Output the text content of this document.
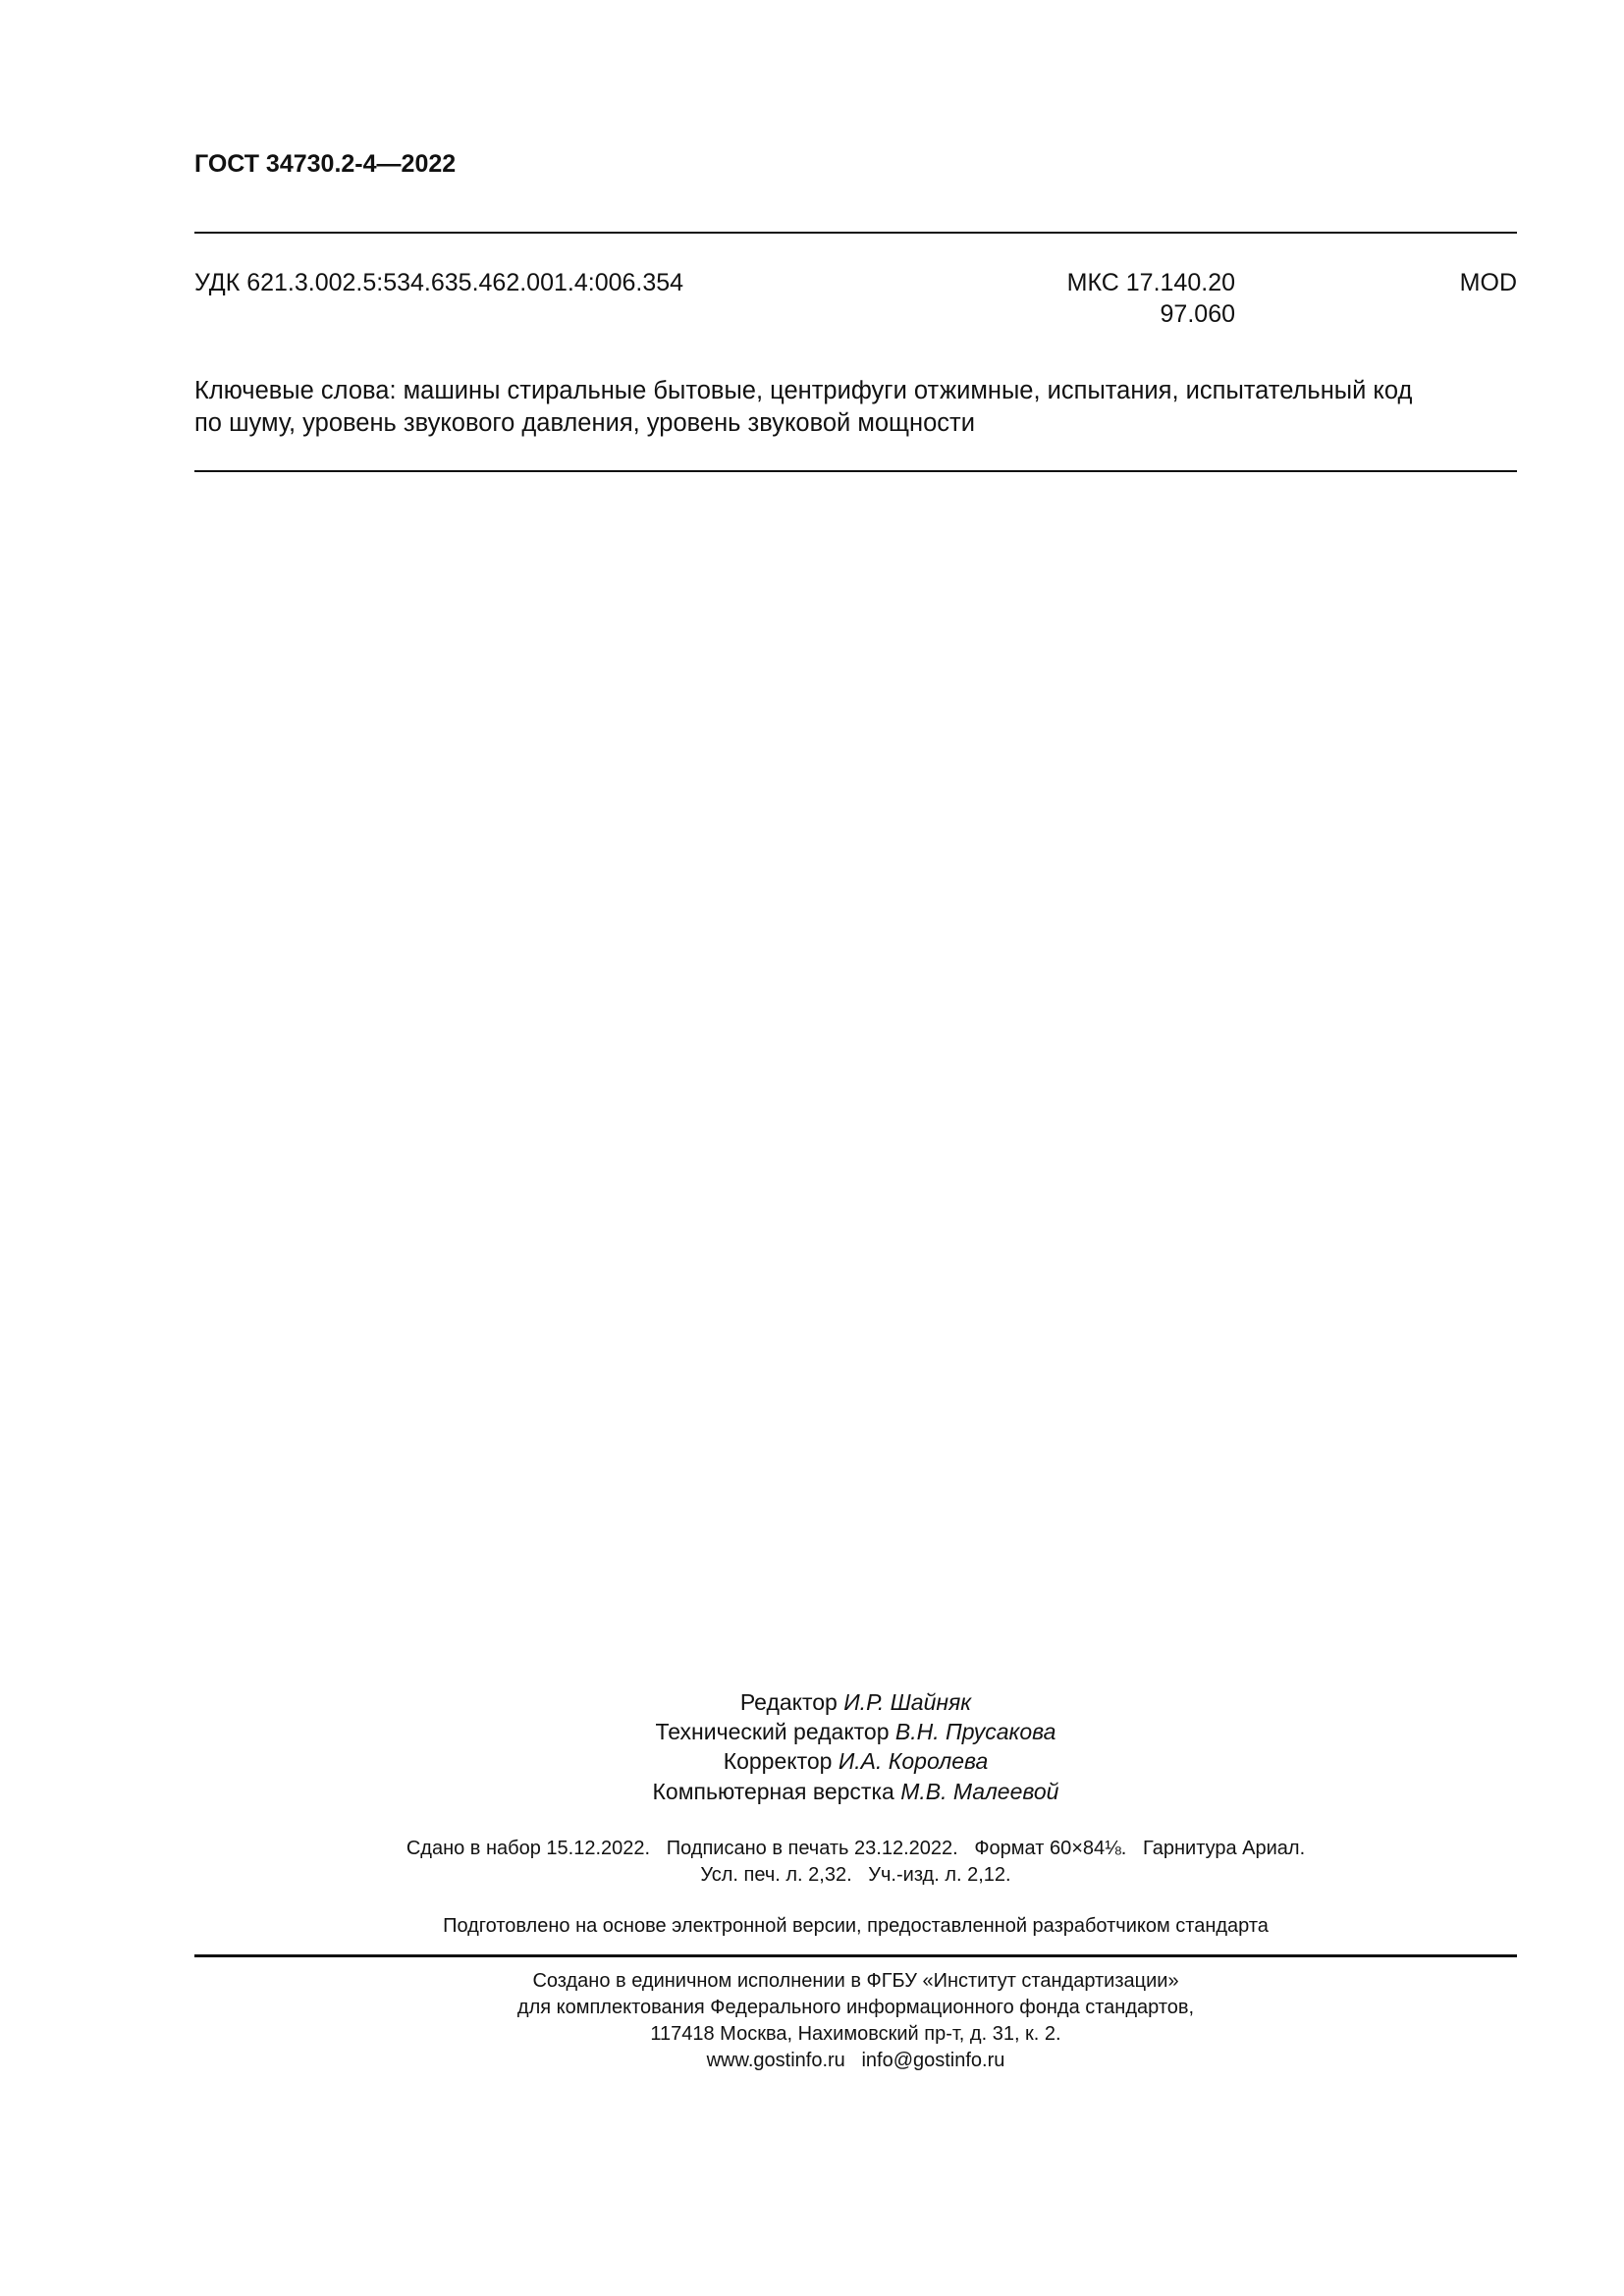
ГОСТ 34730.2-4—2022
УДК 621.3.002.5:534.635.462.001.4:006.354	МКС 17.140.20
97.060
MOD
Ключевые слова: машины стиральные бытовые, центрифуги отжимные, испытания, испытательный код
по шуму, уровень звукового давления, уровень звуковой мощности
Редактор И.Р. Шайняк
Технический редактор В.Н. Прусакова
Корректор И.А. Королева
Компьютерная верстка М.В. Малеевой
Сдано в набор 15.12.2022.   Подписано в печать 23.12.2022.   Формат 60×84⅛.   Гарнитура Ариал.
Усл. печ. л. 2,32.   Уч.-изд. л. 2,12.
Подготовлено на основе электронной версии, предоставленной разработчиком стандарта
Создано в единичном исполнении в ФГБУ «Институт стандартизации»
для комплектования Федерального информационного фонда стандартов,
117418 Москва, Нахимовский пр-т, д. 31, к. 2.
www.gostinfo.ru info@gostinfo.ru
